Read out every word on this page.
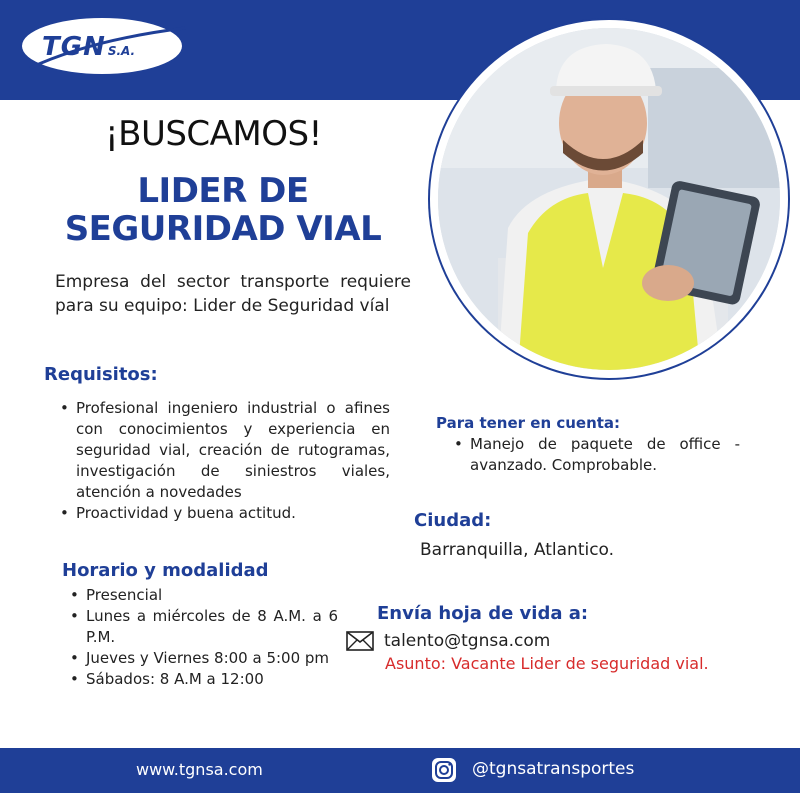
TGN S.A.
¡BUSCAMOS!
LIDER DE
SEGURIDAD VIAL
Empresa del sector transporte requiere para su equipo: Lider de Seguridad víal
Requisitos:
• Profesional ingeniero industrial o afines con conocimientos y experiencia en seguridad vial, creación de rutogramas, investigación de siniestros viales, atención a novedades
• Proactividad y buena actitud.
Horario y modalidad
• Presencial
• Lunes a miércoles de 8 A.M. a 6 P.M.
• Jueves y Viernes 8:00 a 5:00 pm
• Sábados: 8 A.M a 12:00
Para tener en cuenta:
• Manejo de paquete de office - avanzado. Comprobable.
Ciudad:
Barranquilla, Atlantico.
Envía hoja de vida a:
talento@tgnsa.com
Asunto: Vacante Lider de seguridad vial.
www.tgnsa.com	@tgnsatransportes
